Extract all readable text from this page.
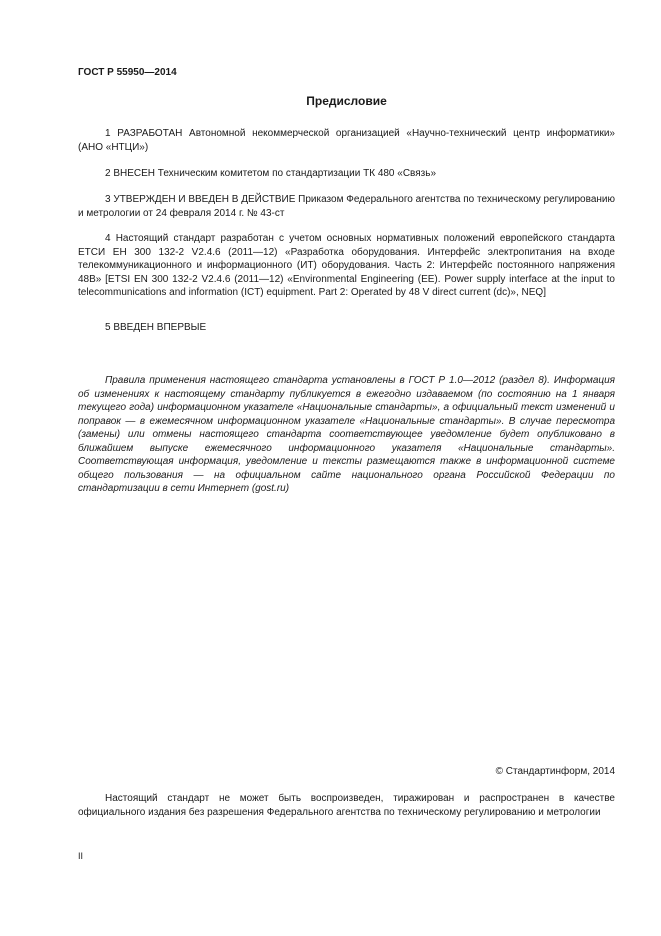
ГОСТ Р 55950—2014

Предисловие

1 РАЗРАБОТАН Автономной некоммерческой организацией «Научно-технический центр информатики» (АНО «НТЦИ»)

2 ВНЕСЕН Техническим комитетом по стандартизации ТК 480 «Связь»

3 УТВЕРЖДЕН И ВВЕДЕН В ДЕЙСТВИЕ Приказом Федерального агентства по техническому регулированию и метрологии от 24 февраля 2014 г. № 43-ст

4 Настоящий стандарт разработан с учетом основных нормативных положений европейского стандарта ЕТСИ ЕН 300 132-2 V2.4.6 (2011—12) «Разработка оборудования. Интерфейс электропитания на входе телекоммуникационного и информационного (ИТ) оборудования. Часть 2: Интерфейс постоянного напряжения 48В» [ETSI EN 300 132-2 V2.4.6 (2011—12) «Environmental Engineering (EE). Power supply interface at the input to telecommunications and information (ICT) equipment. Part 2: Operated by 48 V direct current (dc)», NEQ]

5 ВВЕДЕН ВПЕРВЫЕ

Правила применения настоящего стандарта установлены в ГОСТ Р 1.0—2012 (раздел 8). Информация об изменениях к настоящему стандарту публикуется в ежегодно издаваемом (по состоянию на 1 января текущего года) информационном указателе «Национальные стандарты», а официальный текст изменений и поправок — в ежемесячном информационном указателе «Национальные стандарты». В случае пересмотра (замены) или отмены настоящего стандарта соответствующее уведомление будет опубликовано в ближайшем выпуске ежемесячного информационного указателя «Национальные стандарты». Соответствующая информация, уведомление и тексты размещаются также в информационной системе общего пользования — на официальном сайте национального органа Российской Федерации по стандартизации в сети Интернет (gost.ru)

© Стандартинформ, 2014

Настоящий стандарт не может быть воспроизведен, тиражирован и распространен в качестве официального издания без разрешения Федерального агентства по техническому регулированию и метрологии

II
